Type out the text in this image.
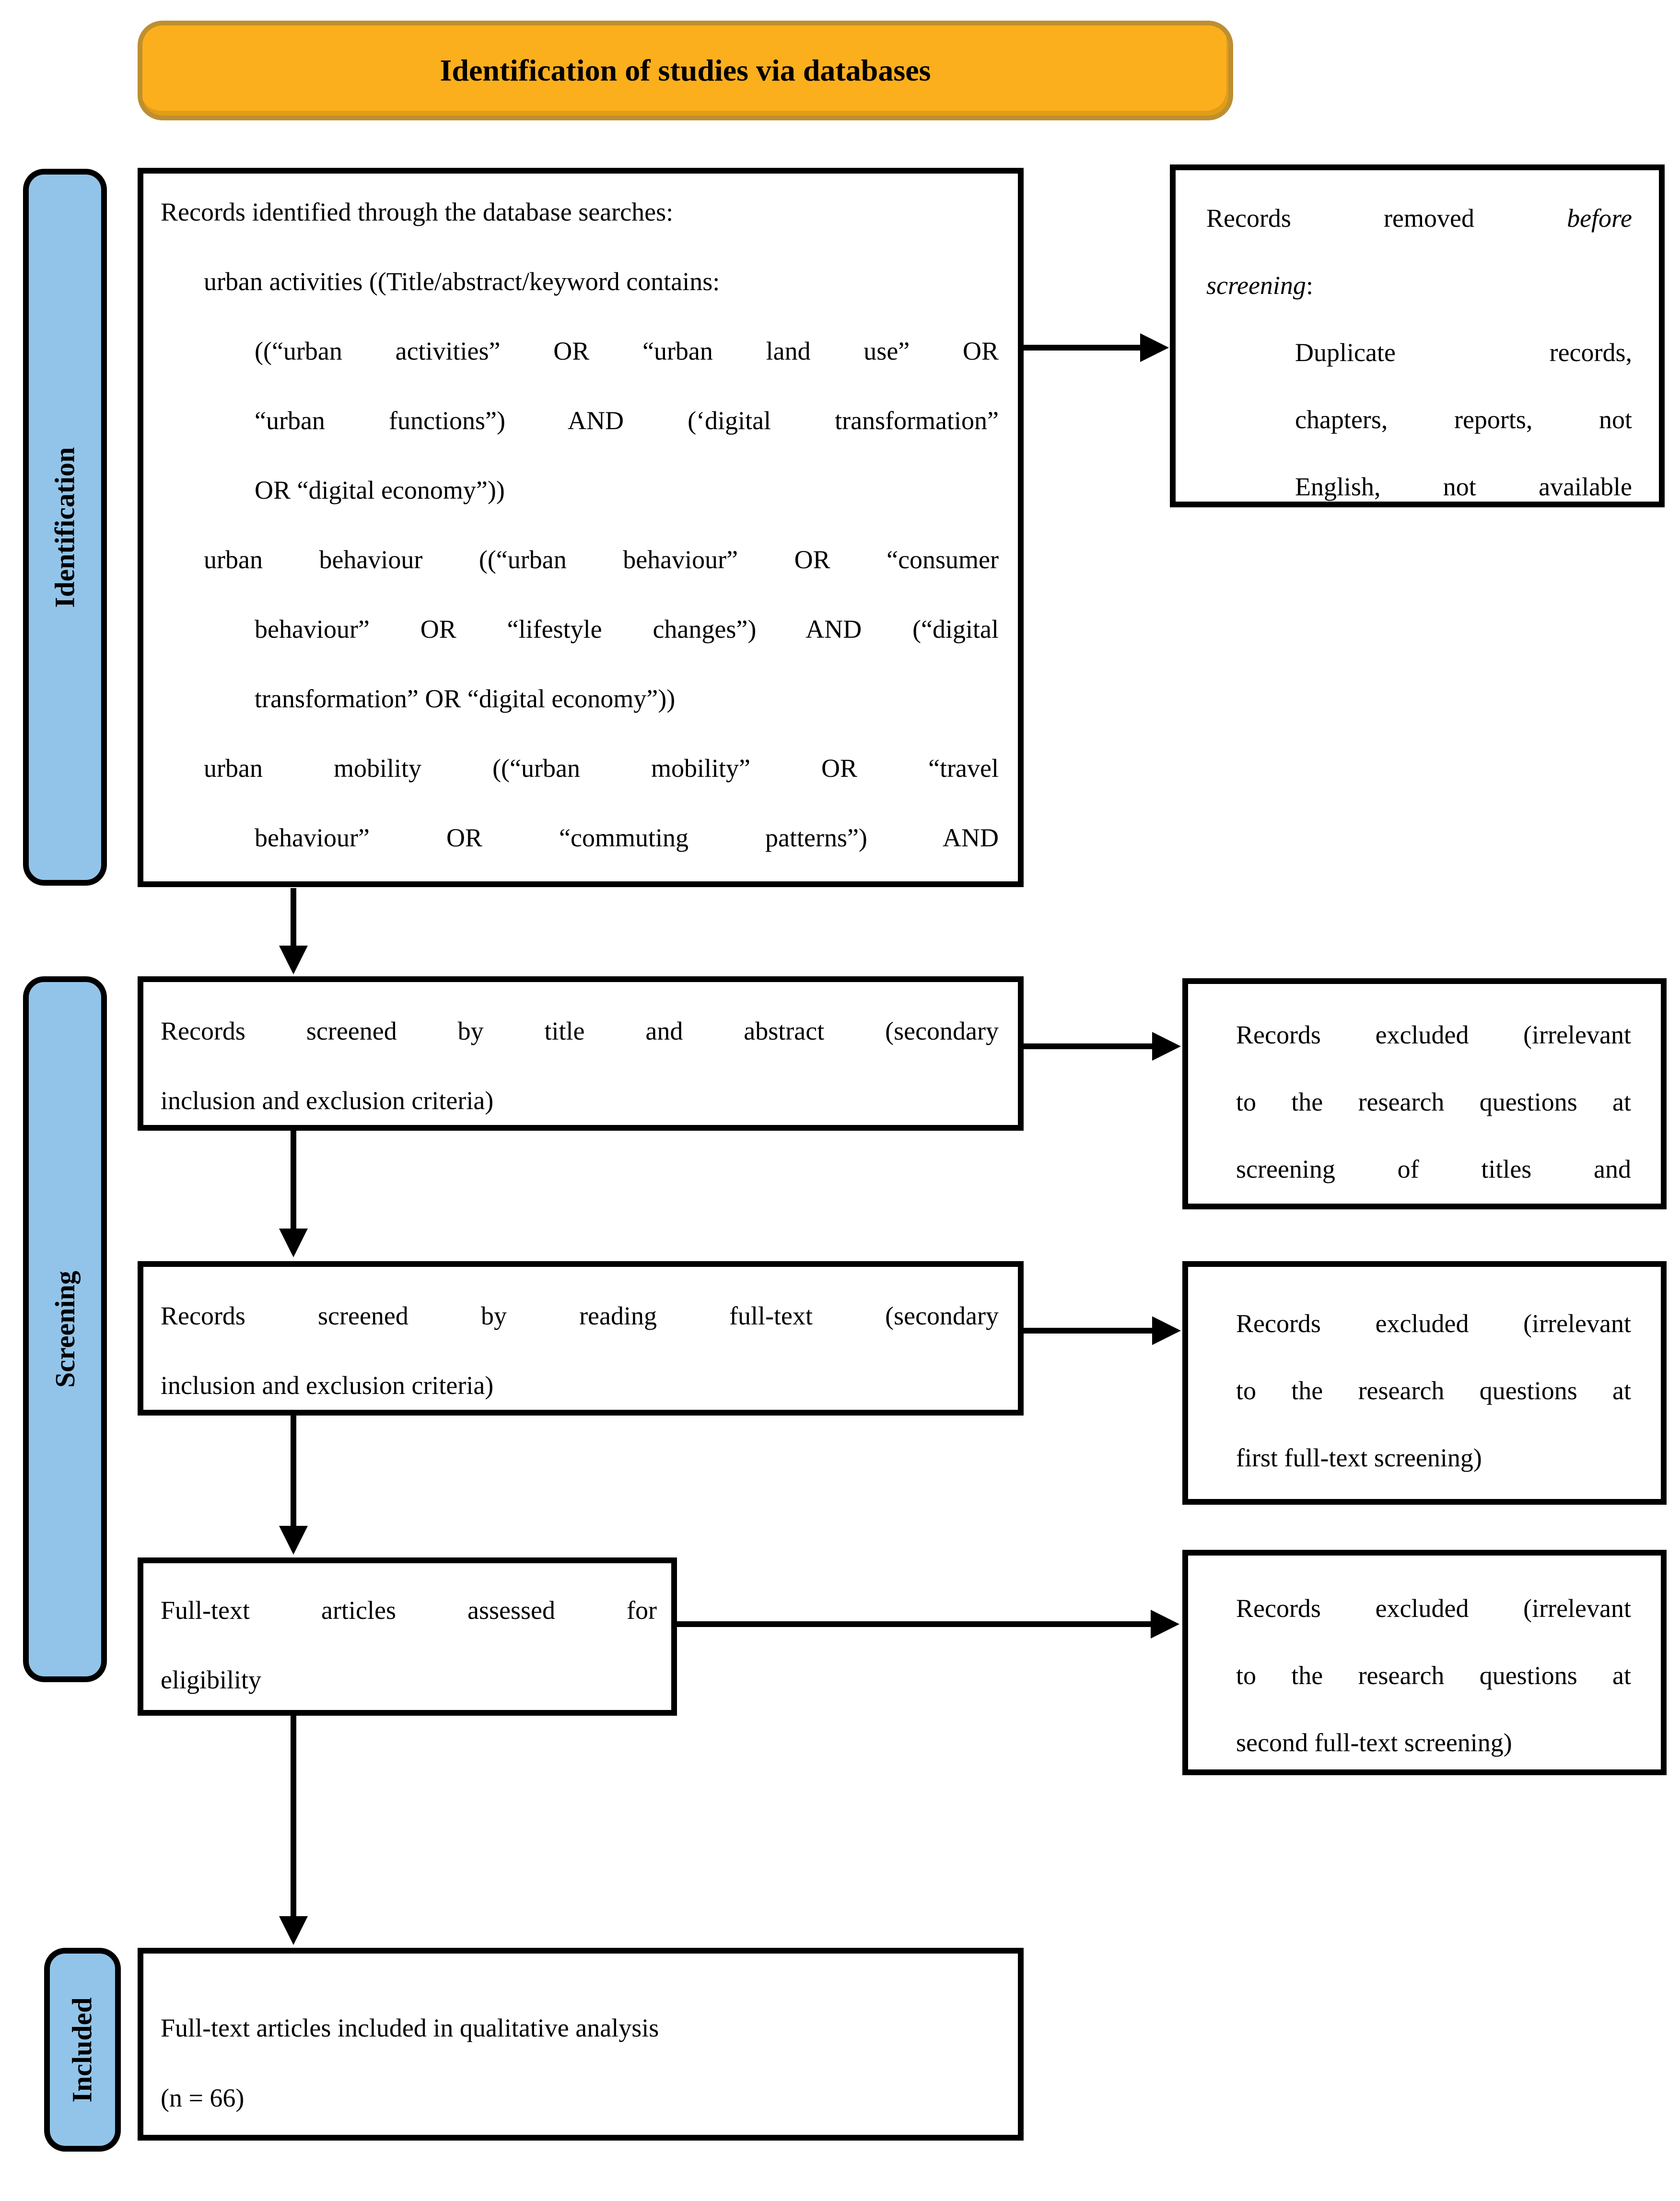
Identification of studies via databases
Identification
Screening
Included
Records identified through the database searches:
urban activities ((Title/abstract/keyword contains:
((“urban activities” OR “urban land use” OR
“urban functions”) AND (‘digital transformation”
OR “digital economy”))
urban behaviour ((“urban behaviour” OR “consumer
behaviour” OR “lifestyle changes”) AND (“digital
transformation” OR “digital economy”))
urban mobility ((“urban mobility” OR “travel
behaviour” OR “commuting patterns”) AND
Records removed	before
screening:
Duplicate records,
chapters, reports, not
English, not available
Records screened by title and abstract (secondary
inclusion and exclusion criteria)
Records excluded (irrelevant
to the research questions at
screening of titles and
Records screened by reading full-text (secondary
inclusion and exclusion criteria)
Records excluded (irrelevant
to the research questions at
first full-text screening)
Full-text articles assessed for
eligibility
Records excluded (irrelevant
to the research questions at
second full-text screening)
Full-text articles included in qualitative analysis
(n = 66)
